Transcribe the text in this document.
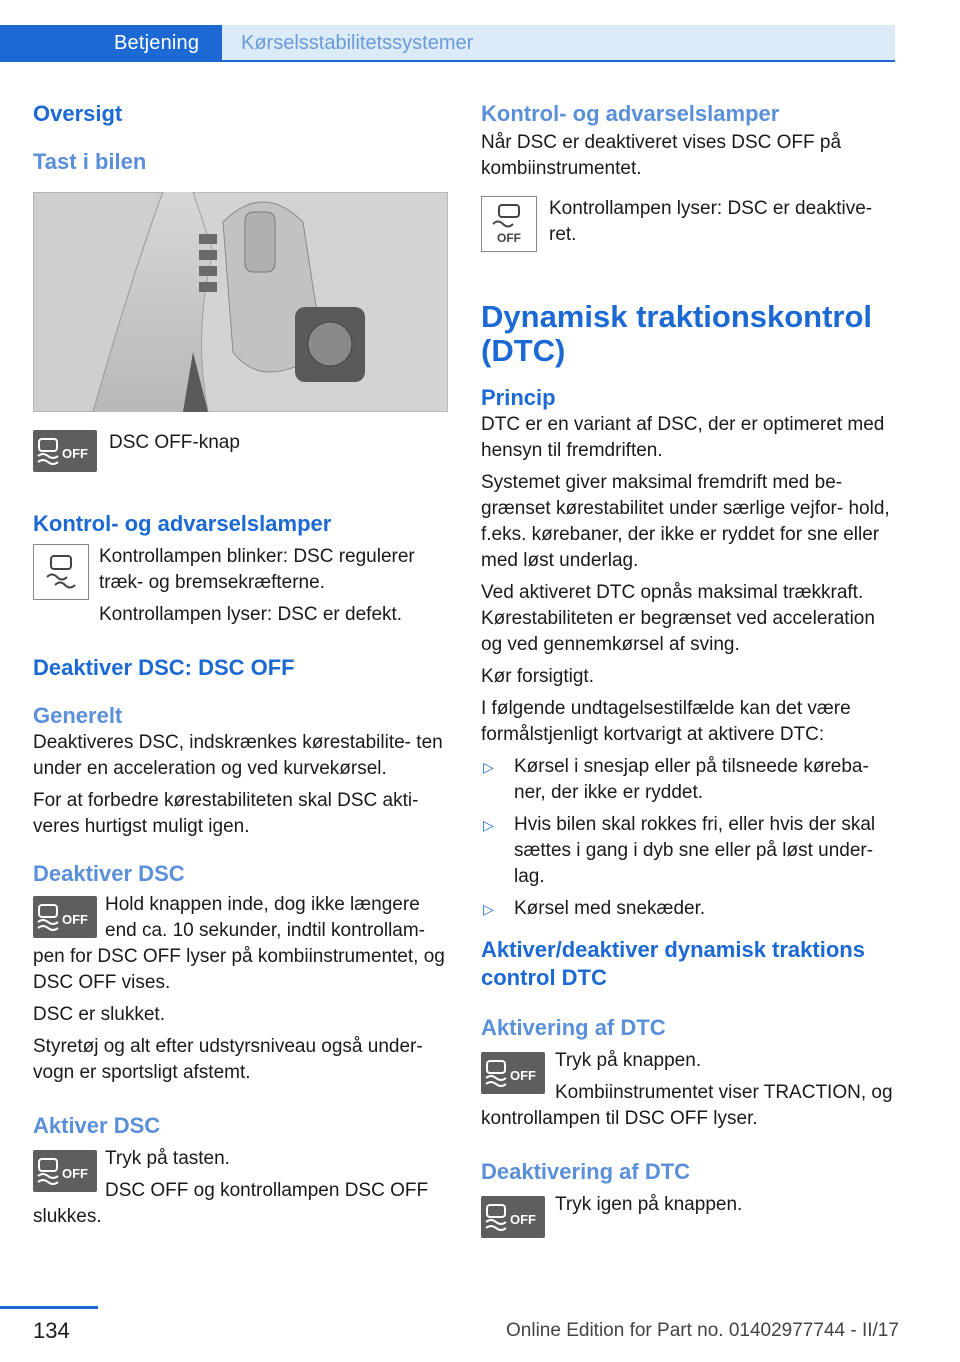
Betjening	Kørselsstabilitetssystemer
Oversigt
Tast i bilen
OFF
DSC OFF-knap
Kontrol- og advarselslamper
Kontrollampen blinker: DSC regulerer træk- og bremsekræfterne.
Kontrollampen lyser: DSC er defekt.
Deaktiver DSC: DSC OFF
Generelt

Deaktiveres DSC, indskrænkes kørestabilite‐ ten under en acceleration og ved kurvekørsel.

For at forbedre kørestabiliteten skal DSC akti‐ veres hurtigst muligt igen.

Deaktiver DSC
OFF

Hold knappen inde, dog ikke længere end ca. 10 sekunder, indtil kontrollam‐ pen for DSC OFF lyser på kombiinstrumentet, og DSC OFF vises.

DSC er slukket.

Styretøj og alt efter udstyrsniveau også under‐ vogn er sportsligt afstemt.

Aktiver DSC
OFF

Tryk på tasten.

DSC OFF og kontrollampen DSC OFF slukkes.

Kontrol- og advarselslamper

Når DSC er deaktiveret vises DSC OFF på kombiinstrumentet.

OFF
Kontrollampen lyser: DSC er deaktive‐ ret.
Dynamisk traktionskontrol (DTC)
Princip

DTC er en variant af DSC, der er optimeret med hensyn til fremdriften.

Systemet giver maksimal fremdrift med be‐ grænset kørestabilitet under særlige vejfor‐ hold, f.eks. kørebaner, der ikke er ryddet for sne eller med løst underlag.

Ved aktiveret DTC opnås maksimal trækkraft. Kørestabiliteten er begrænset ved acceleration og ved gennemkørsel af sving.

Kør forsigtigt.

I følgende undtagelsestilfælde kan det være formålstjenligt kortvarigt at aktivere DTC:

▷ Kørsel i snesjap eller på tilsneede køreba‐ ner, der ikke er ryddet.
▷ Hvis bilen skal rokkes fri, eller hvis der skal sættes i gang i dyb sne eller på løst under‐ lag.
▷ Kørsel med snekæder.
Aktiver/deaktiver dynamisk traktions control DTC
Aktivering af DTC
OFF

Tryk på knappen.

Kombiinstrumentet viser TRACTION, og kontrollampen til DSC OFF lyser.

Deaktivering af DTC
OFF

Tryk igen på knappen.

134	Online Edition for Part no. 01402977744 - II/17
